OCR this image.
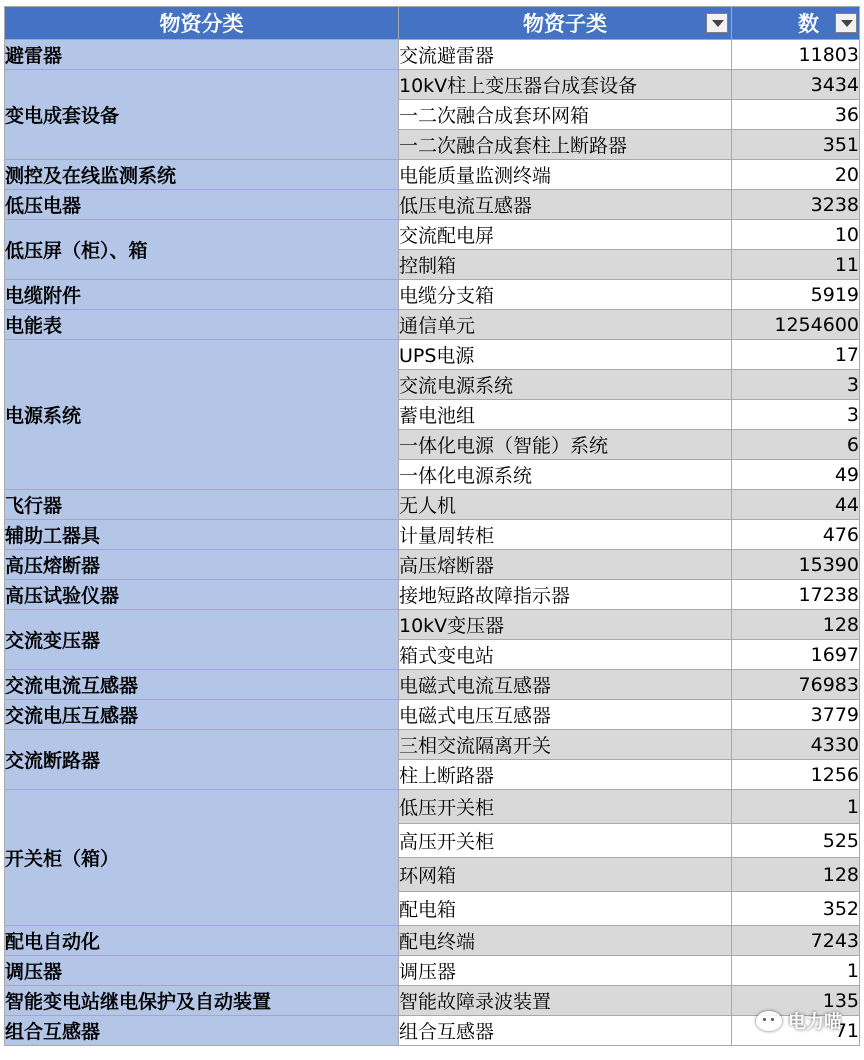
物资分类	物资子类	数

避雷器	交流避雷器	11803
变电成套设备	10kV柱上变压器台成套设备	3434
	一二次融合成套环网箱	36
	一二次融合成套柱上断路器	351
测控及在线监测系统	电能质量监测终端	20
低压电器	低压电流互感器	3238
低压屏（柜）、箱	交流配电屏	10
	控制箱	11
电缆附件	电缆分支箱	5919
电能表	通信单元	1254600
电源系统	UPS电源	17
	交流电源系统	3
	蓄电池组	3
	一体化电源（智能）系统	6
	一体化电源系统	49
飞行器	无人机	44
辅助工器具	计量周转柜	476
高压熔断器	高压熔断器	15390
高压试验仪器	接地短路故障指示器	17238
交流变压器	10kV变压器	128
	箱式变电站	1697
交流电流互感器	电磁式电流互感器	76983
交流电压互感器	电磁式电压互感器	3779
交流断路器	三相交流隔离开关	4330
	柱上断路器	1256
开关柜（箱）	低压开关柜	1
	高压开关柜	525
	环网箱	128
	配电箱	352
配电自动化	配电终端	7243
调压器	调压器	1
智能变电站继电保护及自动装置	智能故障录波装置	135
组合互感器	组合互感器	71
电力喵
